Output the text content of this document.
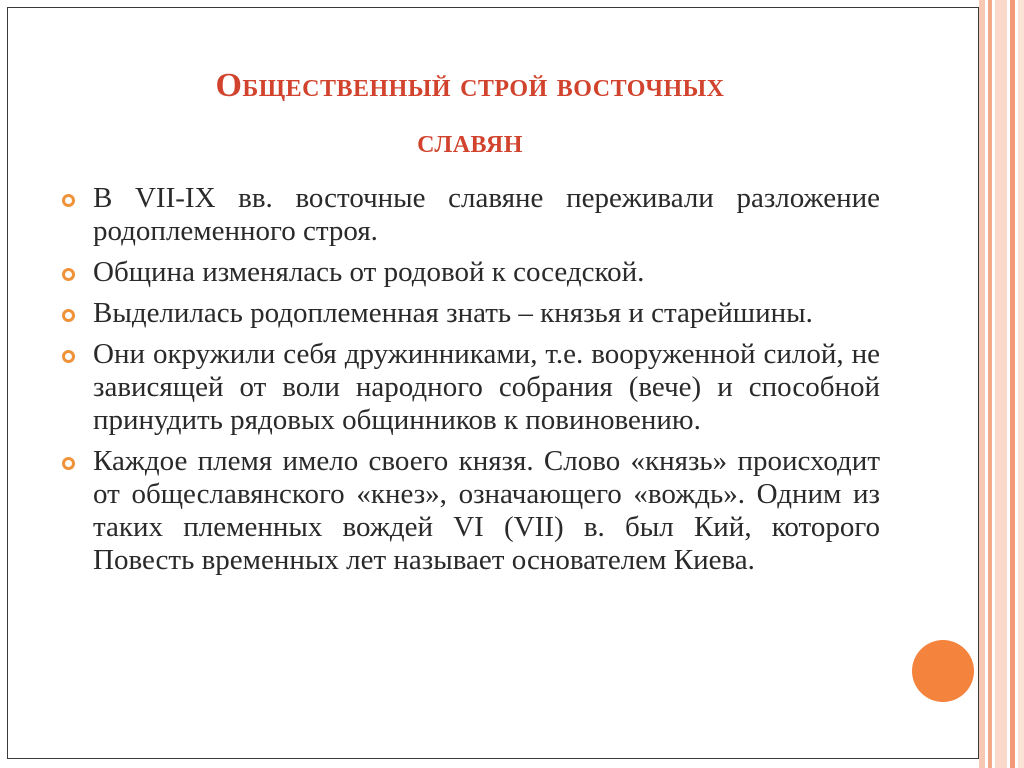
Общественный строй восточных
славян
В VII-IX вв. восточные славяне переживали разложение родоплеменного строя.
Община изменялась от родовой к соседской.
Выделилась родоплеменная знать – князья и старейшины.
Они окружили себя дружинниками, т.е. вооруженной силой, не зависящей от воли народного собрания (вече) и способной принудить рядовых общинников к повиновению.
Каждое племя имело своего князя. Слово «князь» происходит от общеславянского «кнез», означающего «вождь». Одним из таких племенных вождей VI (VII) в. был Кий, которого Повесть временных лет называет основателем Киева.
